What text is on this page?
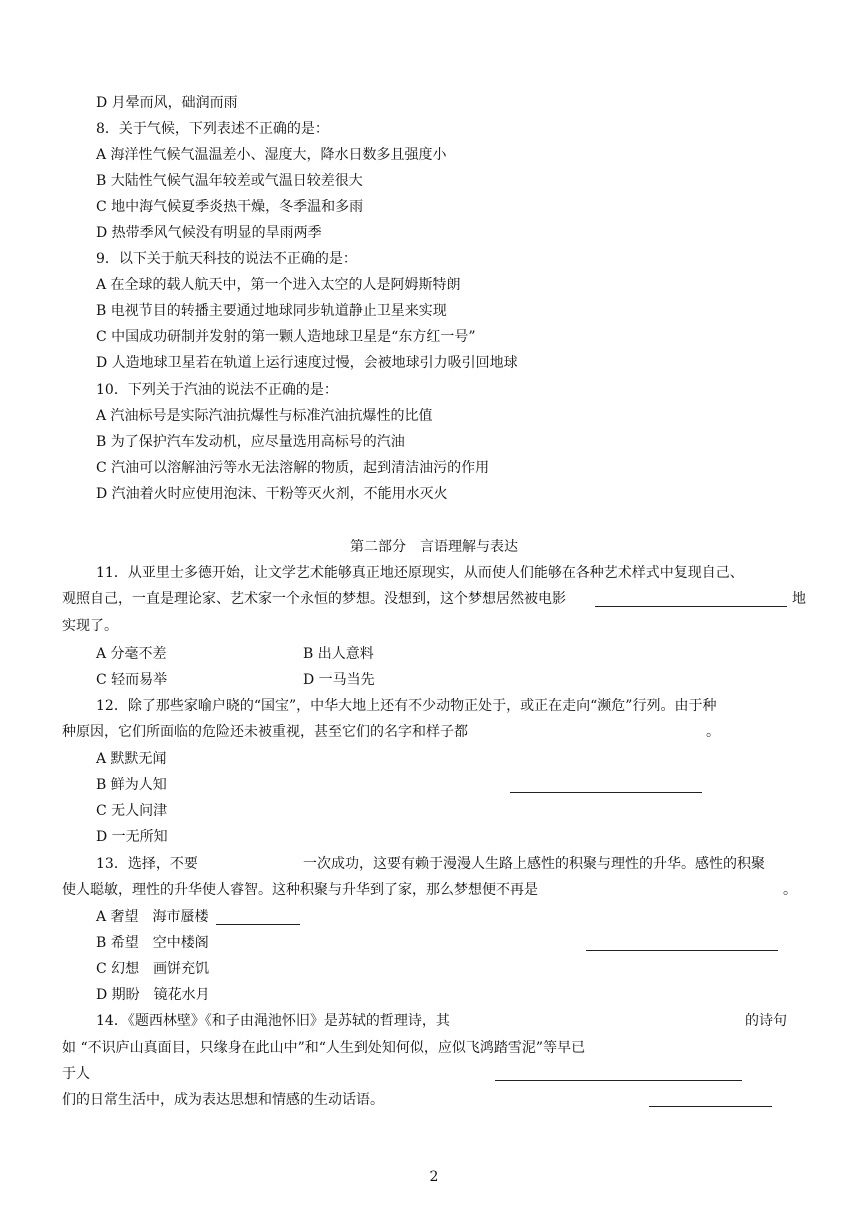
D 月晕而风，础润而雨
8．关于气候，下列表述不正确的是：
A 海洋性气候气温温差小、湿度大，降水日数多且强度小
B 大陆性气候气温年较差或气温日较差很大
C 地中海气候夏季炎热干燥，冬季温和多雨
D 热带季风气候没有明显的旱雨两季
9．以下关于航天科技的说法不正确的是：
A 在全球的载人航天中，第一个进入太空的人是阿姆斯特朗
B 电视节目的转播主要通过地球同步轨道静止卫星来实现
C 中国成功研制并发射的第一颗人造地球卫星是“东方红一号”
D 人造地球卫星若在轨道上运行速度过慢，会被地球引力吸引回地球
10．下列关于汽油的说法不正确的是：
A 汽油标号是实际汽油抗爆性与标准汽油抗爆性的比值
B 为了保护汽车发动机，应尽量选用高标号的汽油
C 汽油可以溶解油污等水无法溶解的物质，起到清洁油污的作用
D 汽油着火时应使用泡沫、干粉等灭火剂，不能用水灭火
第二部分　言语理解与表达
11．从亚里士多德开始，让文学艺术能够真正地还原现实，从而使人们能够在各种艺术样式中复现自己、
观照自己，一直是理论家、艺术家一个永恒的梦想。没想到，这个梦想居然被电影	地
实现了。
A 分毫不差	B 出人意料
C 轻而易举	D 一马当先
12．除了那些家喻户晓的“国宝”，中华大地上还有不少动物正处于，或正在走向“濒危”行列。由于种
种原因，它们所面临的危险还未被重视，甚至它们的名字和样子都	。
A 默默无闻
B 鲜为人知
C 无人问津
D 一无所知
13．选择，不要	一次成功，这要有赖于漫漫人生路上感性的积聚与理性的升华。感性的积聚
使人聪敏，理性的升华使人睿智。这种积聚与升华到了家，那么梦想便不再是	。
A 奢望　海市蜃楼
B 希望　空中楼阁
C 幻想　画饼充饥
D 期盼　镜花水月
14．《题西林壁》《和子由渑池怀旧》是苏轼的哲理诗，其	的诗句
如 “不识庐山真面目，只缘身在此山中”和“人生到处知何似，应似飞鸿踏雪泥”等早已
于人
们的日常生活中，成为表达思想和情感的生动话语。
2
